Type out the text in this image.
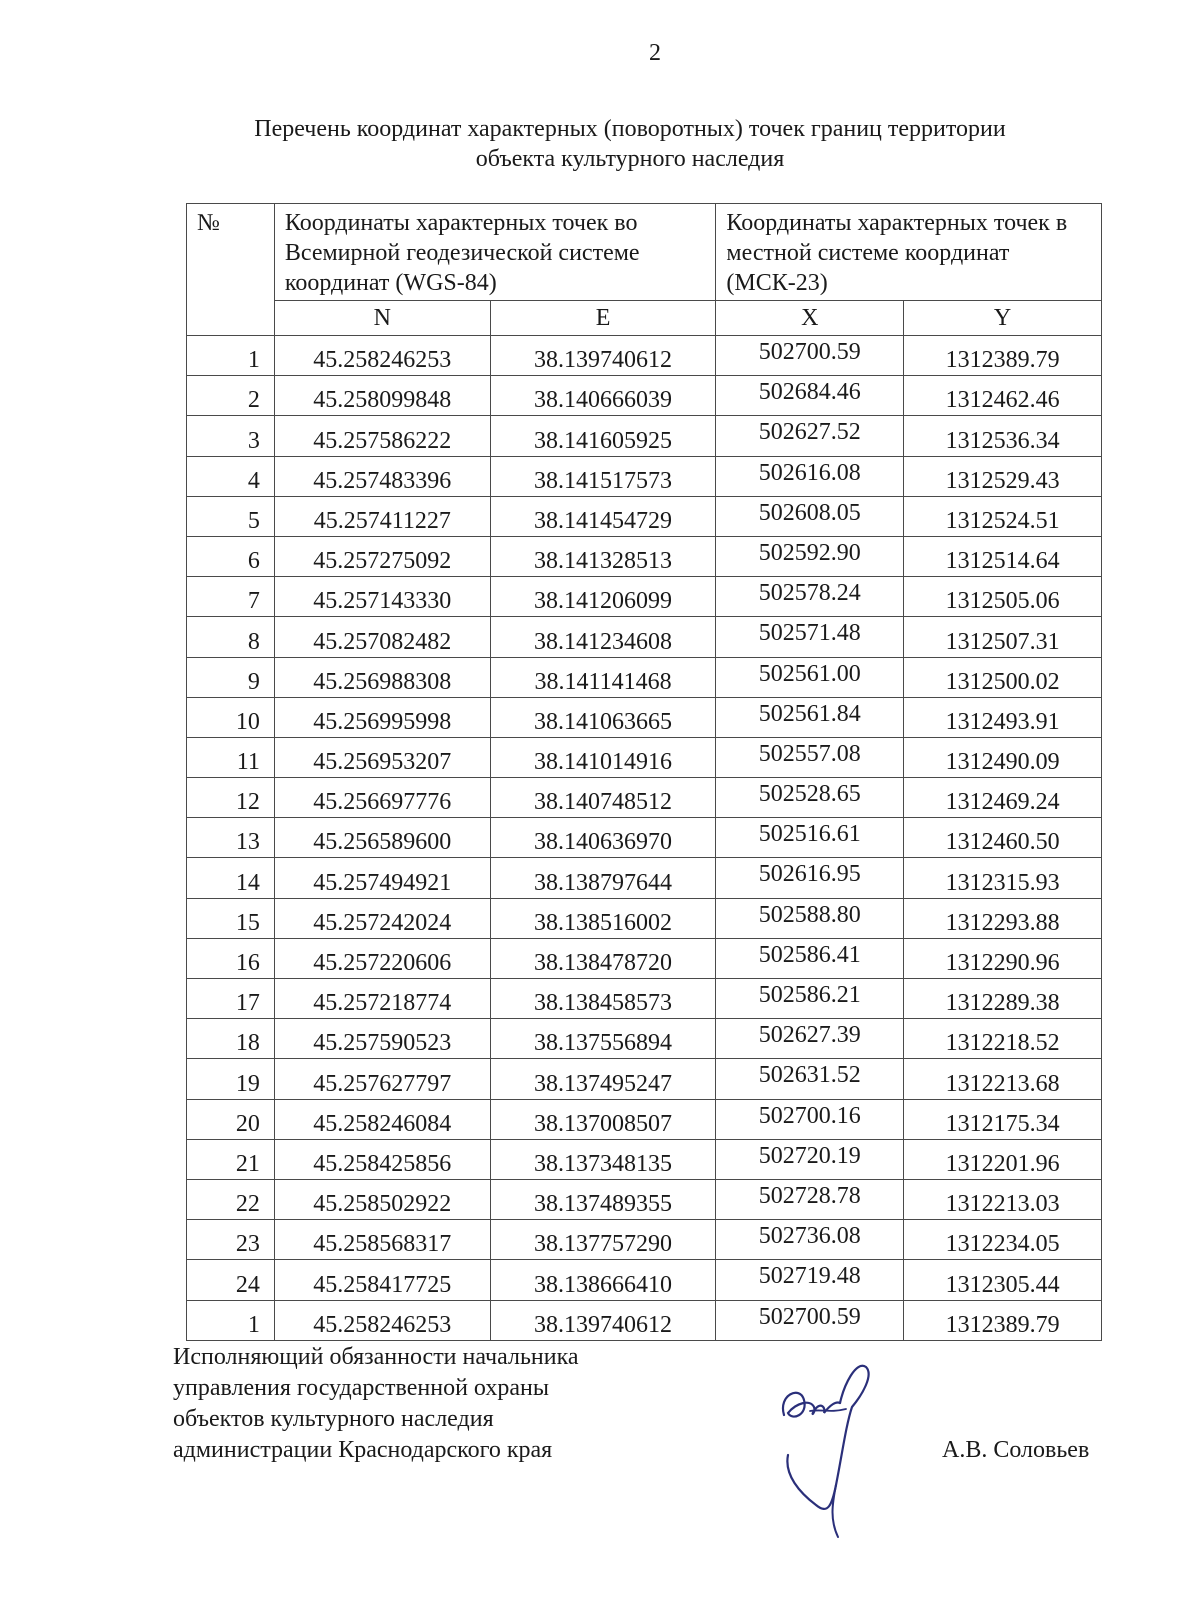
2
Перечень координат характерных (поворотных) точек границ территории
объекта культурного наследия
№	Координаты характерных точек во Всемирной геодезической системе координат (WGS-84)		Координаты характерных точек в местной системе координат (МСК-23)	
	N	E	X	Y
1	45.258246253	38.139740612	502700.59	1312389.79
2	45.258099848	38.140666039	502684.46	1312462.46
3	45.257586222	38.141605925	502627.52	1312536.34
4	45.257483396	38.141517573	502616.08	1312529.43
5	45.257411227	38.141454729	502608.05	1312524.51
6	45.257275092	38.141328513	502592.90	1312514.64
7	45.257143330	38.141206099	502578.24	1312505.06
8	45.257082482	38.141234608	502571.48	1312507.31
9	45.256988308	38.141141468	502561.00	1312500.02
10	45.256995998	38.141063665	502561.84	1312493.91
11	45.256953207	38.141014916	502557.08	1312490.09
12	45.256697776	38.140748512	502528.65	1312469.24
13	45.256589600	38.140636970	502516.61	1312460.50
14	45.257494921	38.138797644	502616.95	1312315.93
15	45.257242024	38.138516002	502588.80	1312293.88
16	45.257220606	38.138478720	502586.41	1312290.96
17	45.257218774	38.138458573	502586.21	1312289.38
18	45.257590523	38.137556894	502627.39	1312218.52
19	45.257627797	38.137495247	502631.52	1312213.68
20	45.258246084	38.137008507	502700.16	1312175.34
21	45.258425856	38.137348135	502720.19	1312201.96
22	45.258502922	38.137489355	502728.78	1312213.03
23	45.258568317	38.137757290	502736.08	1312234.05
24	45.258417725	38.138666410	502719.48	1312305.44
1	45.258246253	38.139740612	502700.59	1312389.79
Исполняющий обязанности начальника
управления государственной охраны
объектов культурного наследия
администрации Краснодарского края	А.В. Соловьев
